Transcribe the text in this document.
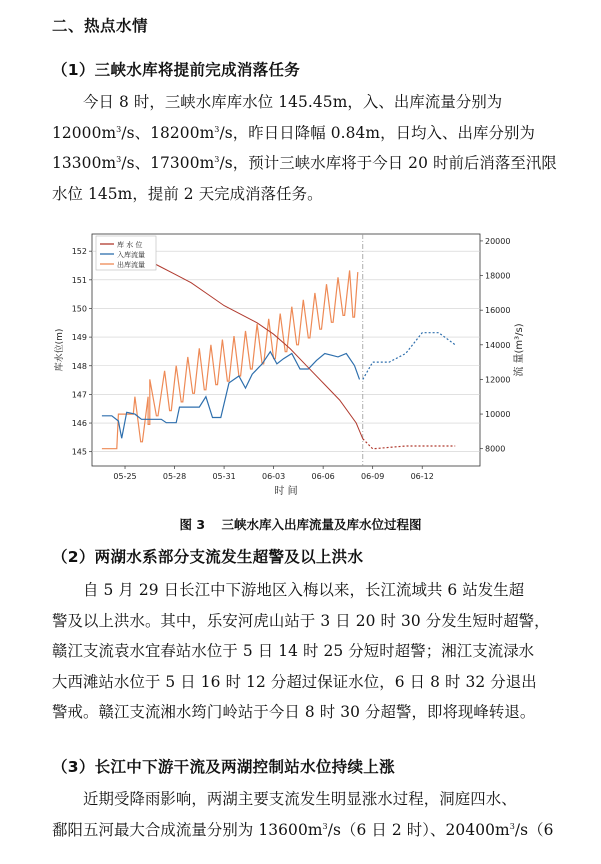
二、热点水情
（1）三峡水库将提前完成消落任务
　　今日 8 时，三峡水库库水位 145.45m，入、出库流量分别为
$12000m^3/s$、$18200m^3/s$，昨日日降幅 0.84m，日均入、出库分别为
$13300m^3/s$、$17300m^3/s$，预计三峡水库将于今日 20 时前后消落至汛限
水位 145m，提前 2 天完成消落任务。
145
146
147
148
149
150
151
152
8000
10000
12000
14000
16000
18000
20000
05-25	05-28	05-31	06-03	06-06	06-09	06-12
时 间
库水位(m)	流 量(m³/s)
库 水 位
入库流量
出库流量
图 3 三峡水库入出库流量及库水位过程图
（2）两湖水系部分支流发生超警及以上洪水
　　自 5 月 29 日长江中下游地区入梅以来，长江流域共 6 站发生超
警及以上洪水。其中，乐安河虎山站于 3 日 20 时 30 分发生短时超警，
赣江支流袁水宜春站水位于 5 日 14 时 25 分短时超警；湘江支流渌水
大西滩站水位于 5 日 16 时 12 分超过保证水位，6 日 8 时 32 分退出
警戒。赣江支流湘水筠门岭站于今日 8 时 30 分超警，即将现峰转退。
（3）长江中下游干流及两湖控制站水位持续上涨
　　近期受降雨影响，两湖主要支流发生明显涨水过程，洞庭四水、
鄱阳五河最大合成流量分别为 $13600m^3/s(6$ 日 2 时）、$20400m^3/s(6$
